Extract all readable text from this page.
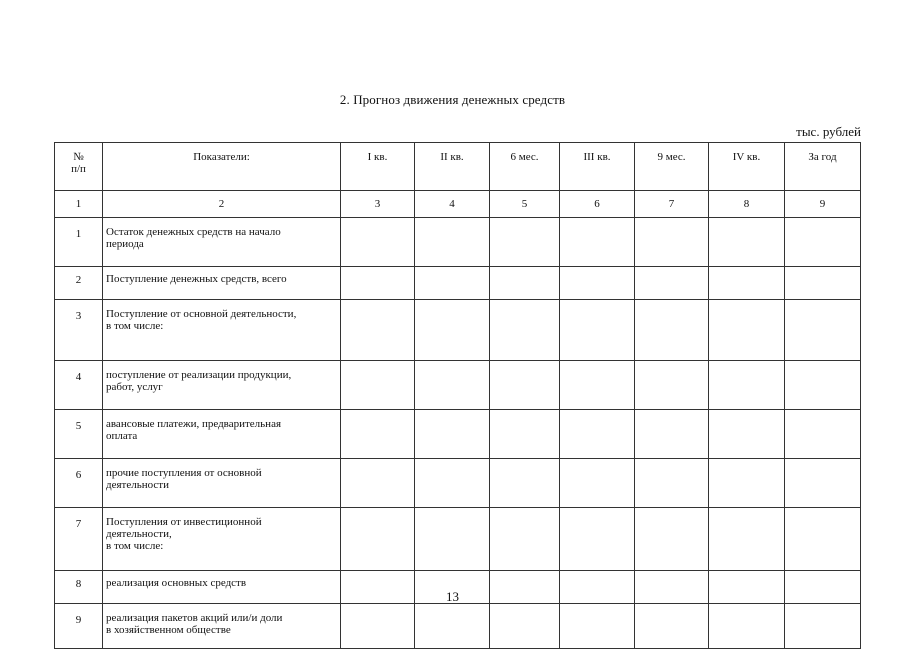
2. Прогноз движения денежных средств
тыс. рублей
№
п/п	Показатели:	I кв.	II кв.	6 мес.	III кв.	9 мес.	IV кв.	За год
1	2	3	4	5	6	7	8	9
1	Остаток денежных средств на начало
периода							
2	Поступление денежных средств, всего							
3	Поступление от основной деятельности,
в том числе:							
4	поступление от реализации продукции,
работ, услуг							
5	авансовые платежи, предварительная
оплата							
6	прочие поступления от основной
деятельности							
7	Поступления от инвестиционной
деятельности,
в том числе:							
8	реализация основных средств							
9	реализация пакетов акций или/и доли
в хозяйственном обществе							
13
